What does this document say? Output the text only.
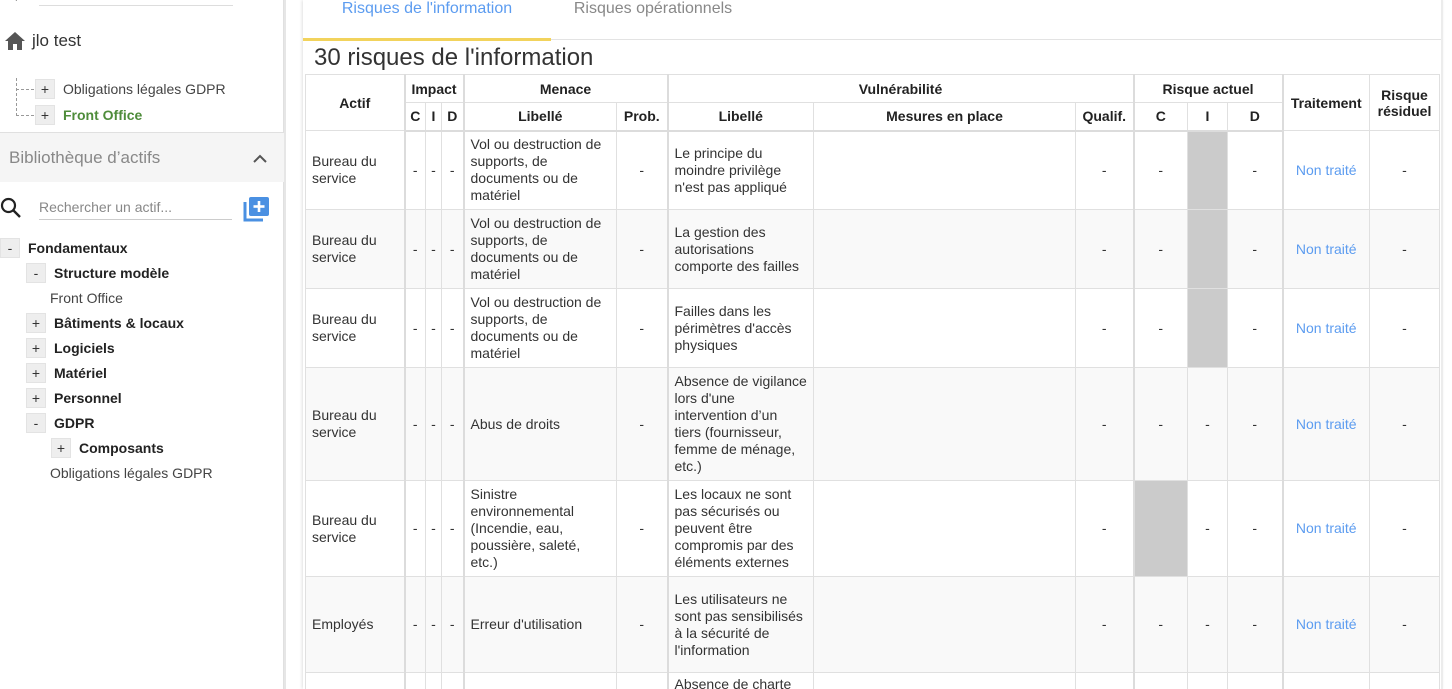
jlo test
+ Obligations légales GDPR
+ Front Office
Bibliothèque d’actifs
Rechercher un actif...
-	Fondamentaux
-	Structure modèle
Front Office
+ Bâtiments & locaux
+ Logiciels
+ Matériel
+ Personnel
-	GDPR
+ Composants
Obligations légales GDPR
Risques de l'information	Risques opérationnels
30 risques de l'information
Actif	Impact			Menace		Vulnérabilité			Risque actuel			Traitement	Risque résiduel
	C	I	D	Libellé	Prob.	Libellé	Mesures en place	Qualif.	C	I	D		
Bureau du service	-	-	-	Vol ou destruction de supports, de documents ou de matériel	-	Le principe du moindre privilège n'est pas appliqué		-	-		-	Non traité	-
Bureau du service	-	-	-	Vol ou destruction de supports, de documents ou de matériel	-	La gestion des autorisations comporte des failles		-	-		-	Non traité	-
Bureau du service	-	-	-	Vol ou destruction de supports, de documents ou de matériel	-	Failles dans les périmètres d'accès physiques		-	-		-	Non traité	-
Bureau du service	-	-	-	Abus de droits	-	Absence de vigilance lors d'une intervention d’un tiers (fournisseur, femme de ménage, etc.)		-	-	-	-	Non traité	-
Bureau du service	-	-	-	Sinistre environnemental (Incendie, eau, poussière, saleté, etc.)	-	Les locaux ne sont pas sécurisés ou peuvent être compromis par des éléments externes		-		-	-	Non traité	-
Employés	-	-	-	Erreur d'utilisation	-	Les utilisateurs ne sont pas sensibilisés à la sécurité de l'information		-	-	-	-	Non traité	-
						Absence de charte							
